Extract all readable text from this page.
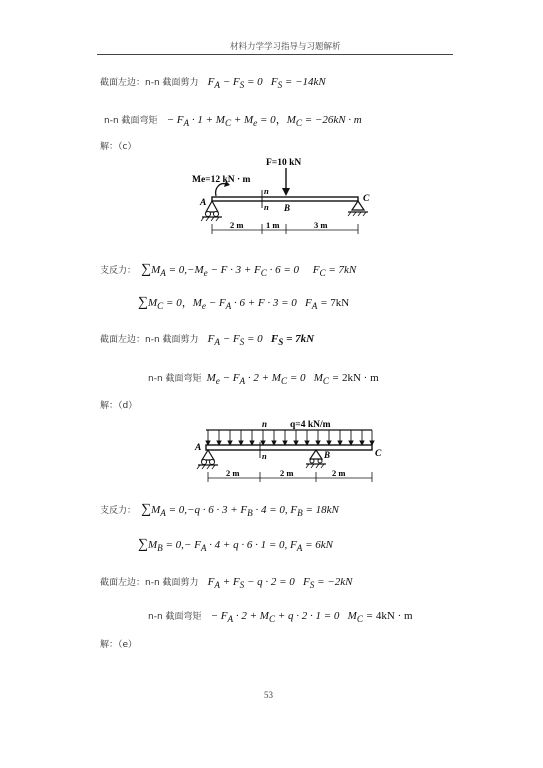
材料力学学习指导与习题解析
截面左边：n-n 截面剪力 $F_A - F_S = 0$   $F_S = -14kN$
n-n 截面弯矩 − $F_A \cdot 1 + M_C + M_e = 0$，$M_C = -26kN \cdot m$
解：（c）
F=10 kN
Me=12 kN · m
A	B
C
n
n
2 m	1 m	3 m
支反力： $\sum M_A = 0,-M_e - F \cdot 3 + F_C \cdot 6 = 0$     $F_C = 7kN$
$\sum M_C = 0$，$M_e - F_A \cdot 6 + F \cdot 3 = 0$   $F_A = 7kN$
截面左边：n-n 截面剪力 $F_A - F_S = 0$   $F_S = 7kN$
n-n 截面弯矩 $M_e - F_A \cdot 2 + M_C = 0$   $M_C = 2kN \cdot m$
解：（d）
n q=4 kN/m
A
n	B	C
2 m	2 m	2 m
支反力： $\sum M_A = 0,-q \cdot 6 \cdot 3 + F_B \cdot 4 = 0$, $F_B = 18kN$
$\sum M_B = 0,- F_A \cdot 4 + q \cdot 6 \cdot 1 = 0$, $F_A = 6kN$
截面左边：n-n 截面剪力 $F_A + F_S - q \cdot 2 = 0$   $F_S = -2kN$
n-n 截面弯矩 − $F_A \cdot 2 + M_C + q \cdot 2 \cdot 1 = 0$   $M_C = 4kN \cdot m$
解：（e）
53
